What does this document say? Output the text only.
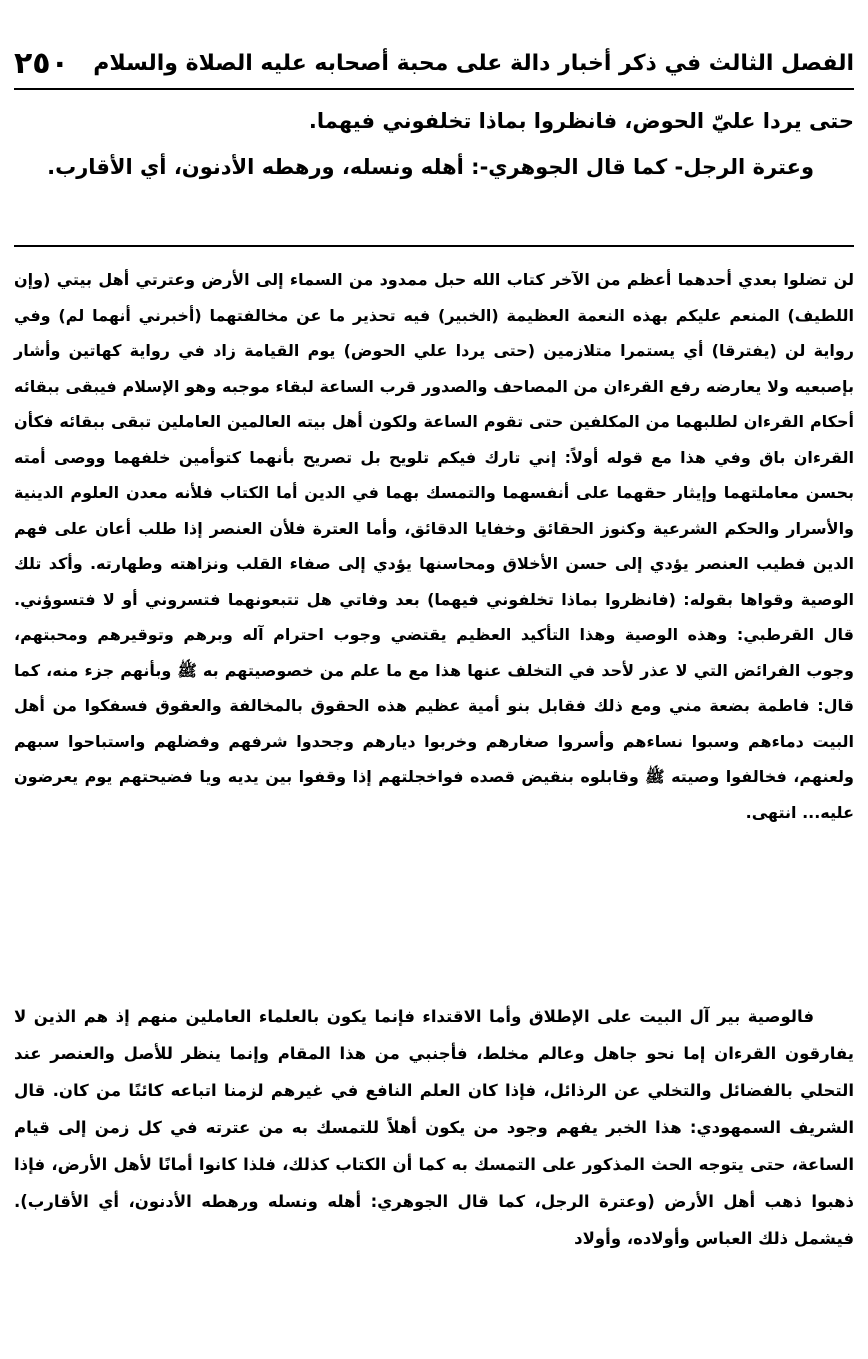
الفصل الثالث في ذكر أخبار دالة على محبة أصحابه عليه الصلاة والسلام
٢٥٠

حتى يردا عليّ الحوض، فانظروا بماذا تخلفوني فيهما.

وعترة الرجل- كما قال الجوهري-: أهله ونسله، ورهطه الأدنون، أي الأقارب.

لن تضلوا بعدي أحدهما أعظم من الآخر كتاب الله حبل ممدود من السماء إلى الأرض وعترتي أهل بيتي (وإن اللطيف) المنعم عليكم بهذه النعمة العظيمة (الخبير) فيه تحذير ما عن مخالفتهما (أخبرني أنهما لم) وفي رواية لن (يفترقا) أي يستمرا متلازمين (حتى يردا علي الحوض) يوم القيامة زاد في رواية كهاتين وأشار بإصبعيه ولا يعارضه رفع القرءان من المصاحف والصدور قرب الساعة لبقاء موجبه وهو الإسلام فيبقى ببقائه أحكام القرءان لطلبهما من المكلفين حتى تقوم الساعة ولكون أهل بيته العالمين العاملين تبقى ببقائه فكأن القرءان باق وفي هذا مع قوله أولاً: إني تارك فيكم تلويح بل تصريح بأنهما كتوأمين خلفهما ووصى أمته بحسن معاملتهما وإيثار حقهما على أنفسهما والتمسك بهما في الدين أما الكتاب فلأنه معدن العلوم الدينية والأسرار والحكم الشرعية وكنوز الحقائق وخفايا الدقائق، وأما العترة فلأن العنصر إذا طلب أعان على فهم الدين فطيب العنصر يؤدي إلى حسن الأخلاق ومحاسنها يؤدي إلى صفاء القلب ونزاهته وطهارته. وأكد تلك الوصية وقواها بقوله: (فانظروا بماذا تخلفوني فيهما) بعد وفاتي هل تتبعونهما فتسروني أو لا فتسوؤني. قال القرطبي: وهذه الوصية وهذا التأكيد العظيم يقتضي وجوب احترام آله وبرهم وتوقيرهم ومحبتهم، وجوب الفرائض التي لا عذر لأحد في التخلف عنها هذا مع ما علم من خصوصيتهم به ﷺ وبأنهم جزء منه، كما قال: فاطمة بضعة مني ومع ذلك فقابل بنو أمية عظيم هذه الحقوق بالمخالفة والعقوق فسفكوا من أهل البيت دماءهم وسبوا نساءهم وأسروا صغارهم وخربوا ديارهم وجحدوا شرفهم وفضلهم واستباحوا سبهم ولعنهم، فخالفوا وصيته ﷺ وقابلوه بنقيض قصده فواخجلتهم إذا وقفوا بين يديه ويا فضيحتهم يوم يعرضون عليه... انتهى.

فالوصية بير آل البيت على الإطلاق وأما الاقتداء فإنما يكون بالعلماء العاملين منهم إذ هم الذين لا يفارقون القرءان إما نحو جاهل وعالم مخلط، فأجنبي من هذا المقام وإنما ينظر للأصل والعنصر عند التحلي بالفضائل والتخلي عن الرذائل، فإذا كان العلم النافع في غيرهم لزمنا اتباعه كائنًا من كان. قال الشريف السمهودي: هذا الخبر يفهم وجود من يكون أهلاً للتمسك به من عترته في كل زمن إلى قيام الساعة، حتى يتوجه الحث المذكور على التمسك به كما أن الكتاب كذلك، فلذا كانوا أمانًا لأهل الأرض، فإذا ذهبوا ذهب أهل الأرض (وعترة الرجل، كما قال الجوهري: أهله ونسله ورهطه الأدنون، أي الأقارب). فيشمل ذلك العباس وأولاده، وأولاد
